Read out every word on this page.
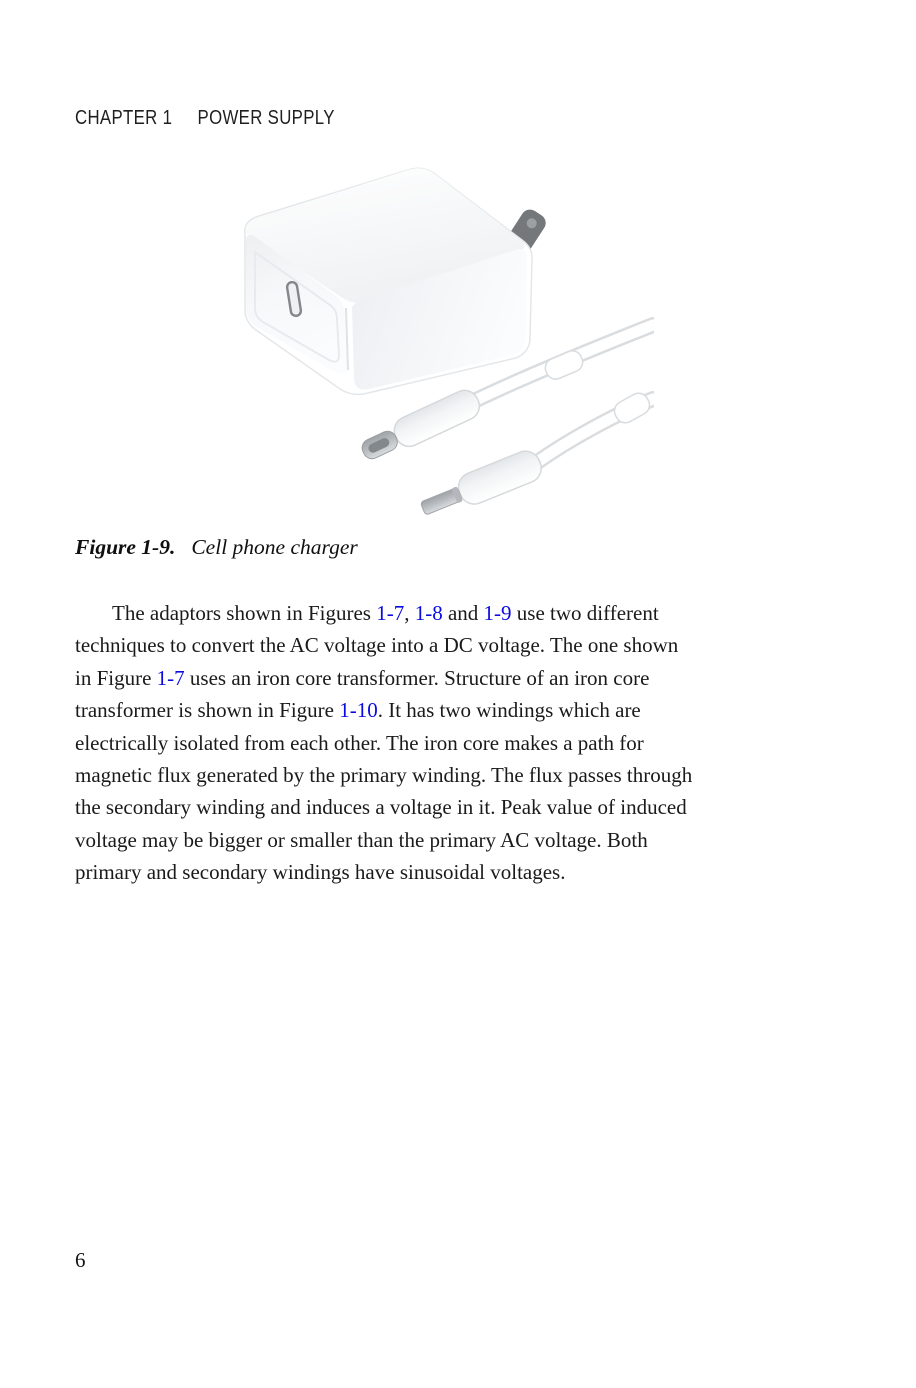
CHAPTER 1 POWER SUPPLY
Figure 1-9. Cell phone charger
The adaptors shown in Figures 1-7, 1-8 and 1-9 use two different
techniques to convert the AC voltage into a DC voltage. The one shown
in Figure 1-7 uses an iron core transformer. Structure of an iron core
transformer is shown in Figure 1-10. It has two windings which are
electrically isolated from each other. The iron core makes a path for
magnetic flux generated by the primary winding. The flux passes through
the secondary winding and induces a voltage in it. Peak value of induced
voltage may be bigger or smaller than the primary AC voltage. Both
primary and secondary windings have sinusoidal voltages.
6
